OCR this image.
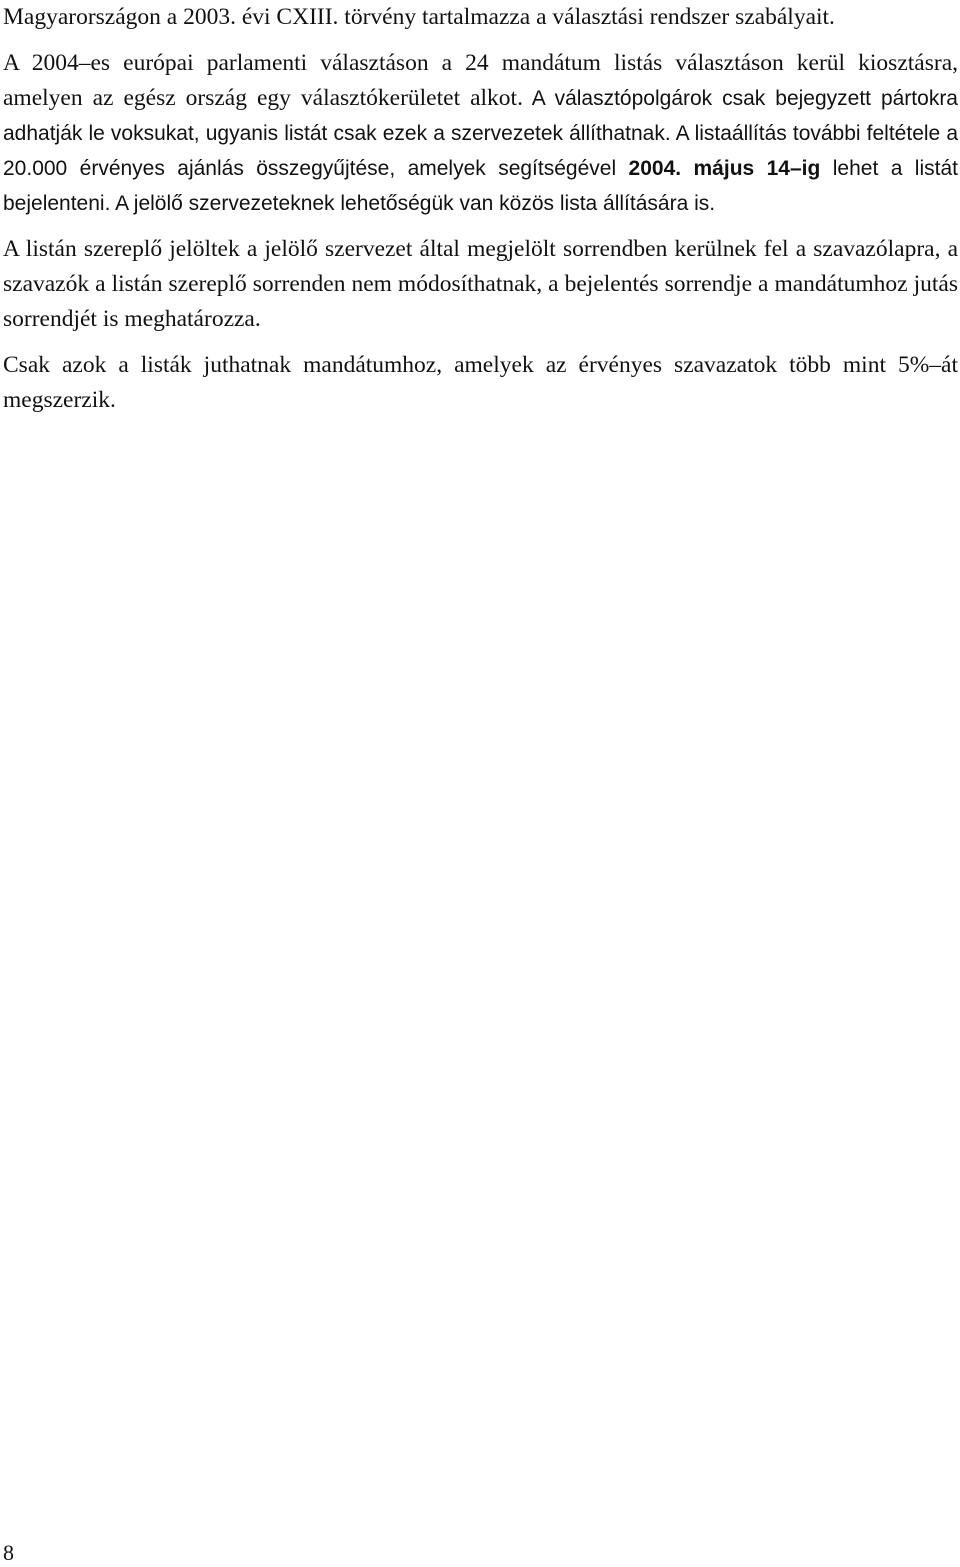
Magyarországon a 2003. évi CXIII. törvény tartalmazza a választási rendszer szabályait.

A 2004–es európai parlamenti választáson a 24 mandátum listás választáson kerül kiosztásra, amelyen az egész ország egy választókerületet alkot. A választópolgárok csak bejegyzett pártokra adhatják le voksukat, ugyanis listát csak ezek a szervezetek állíthatnak. A listaállítás további feltétele a 20.000 érvényes ajánlás összegyűjtése, amelyek segítségével 2004. május 14–ig lehet a listát bejelenteni. A jelölő szervezeteknek lehetőségük van közös lista állítására is.

A listán szereplő jelöltek a jelölő szervezet által megjelölt sorrendben kerülnek fel a szavazólapra, a szavazók a listán szereplő sorrenden nem módosíthatnak, a bejelentés sorrendje a mandátumhoz jutás sorrendjét is meghatározza.

Csak azok a listák juthatnak mandátumhoz, amelyek az érvényes szavazatok több mint 5%–át megszerzik.

8
